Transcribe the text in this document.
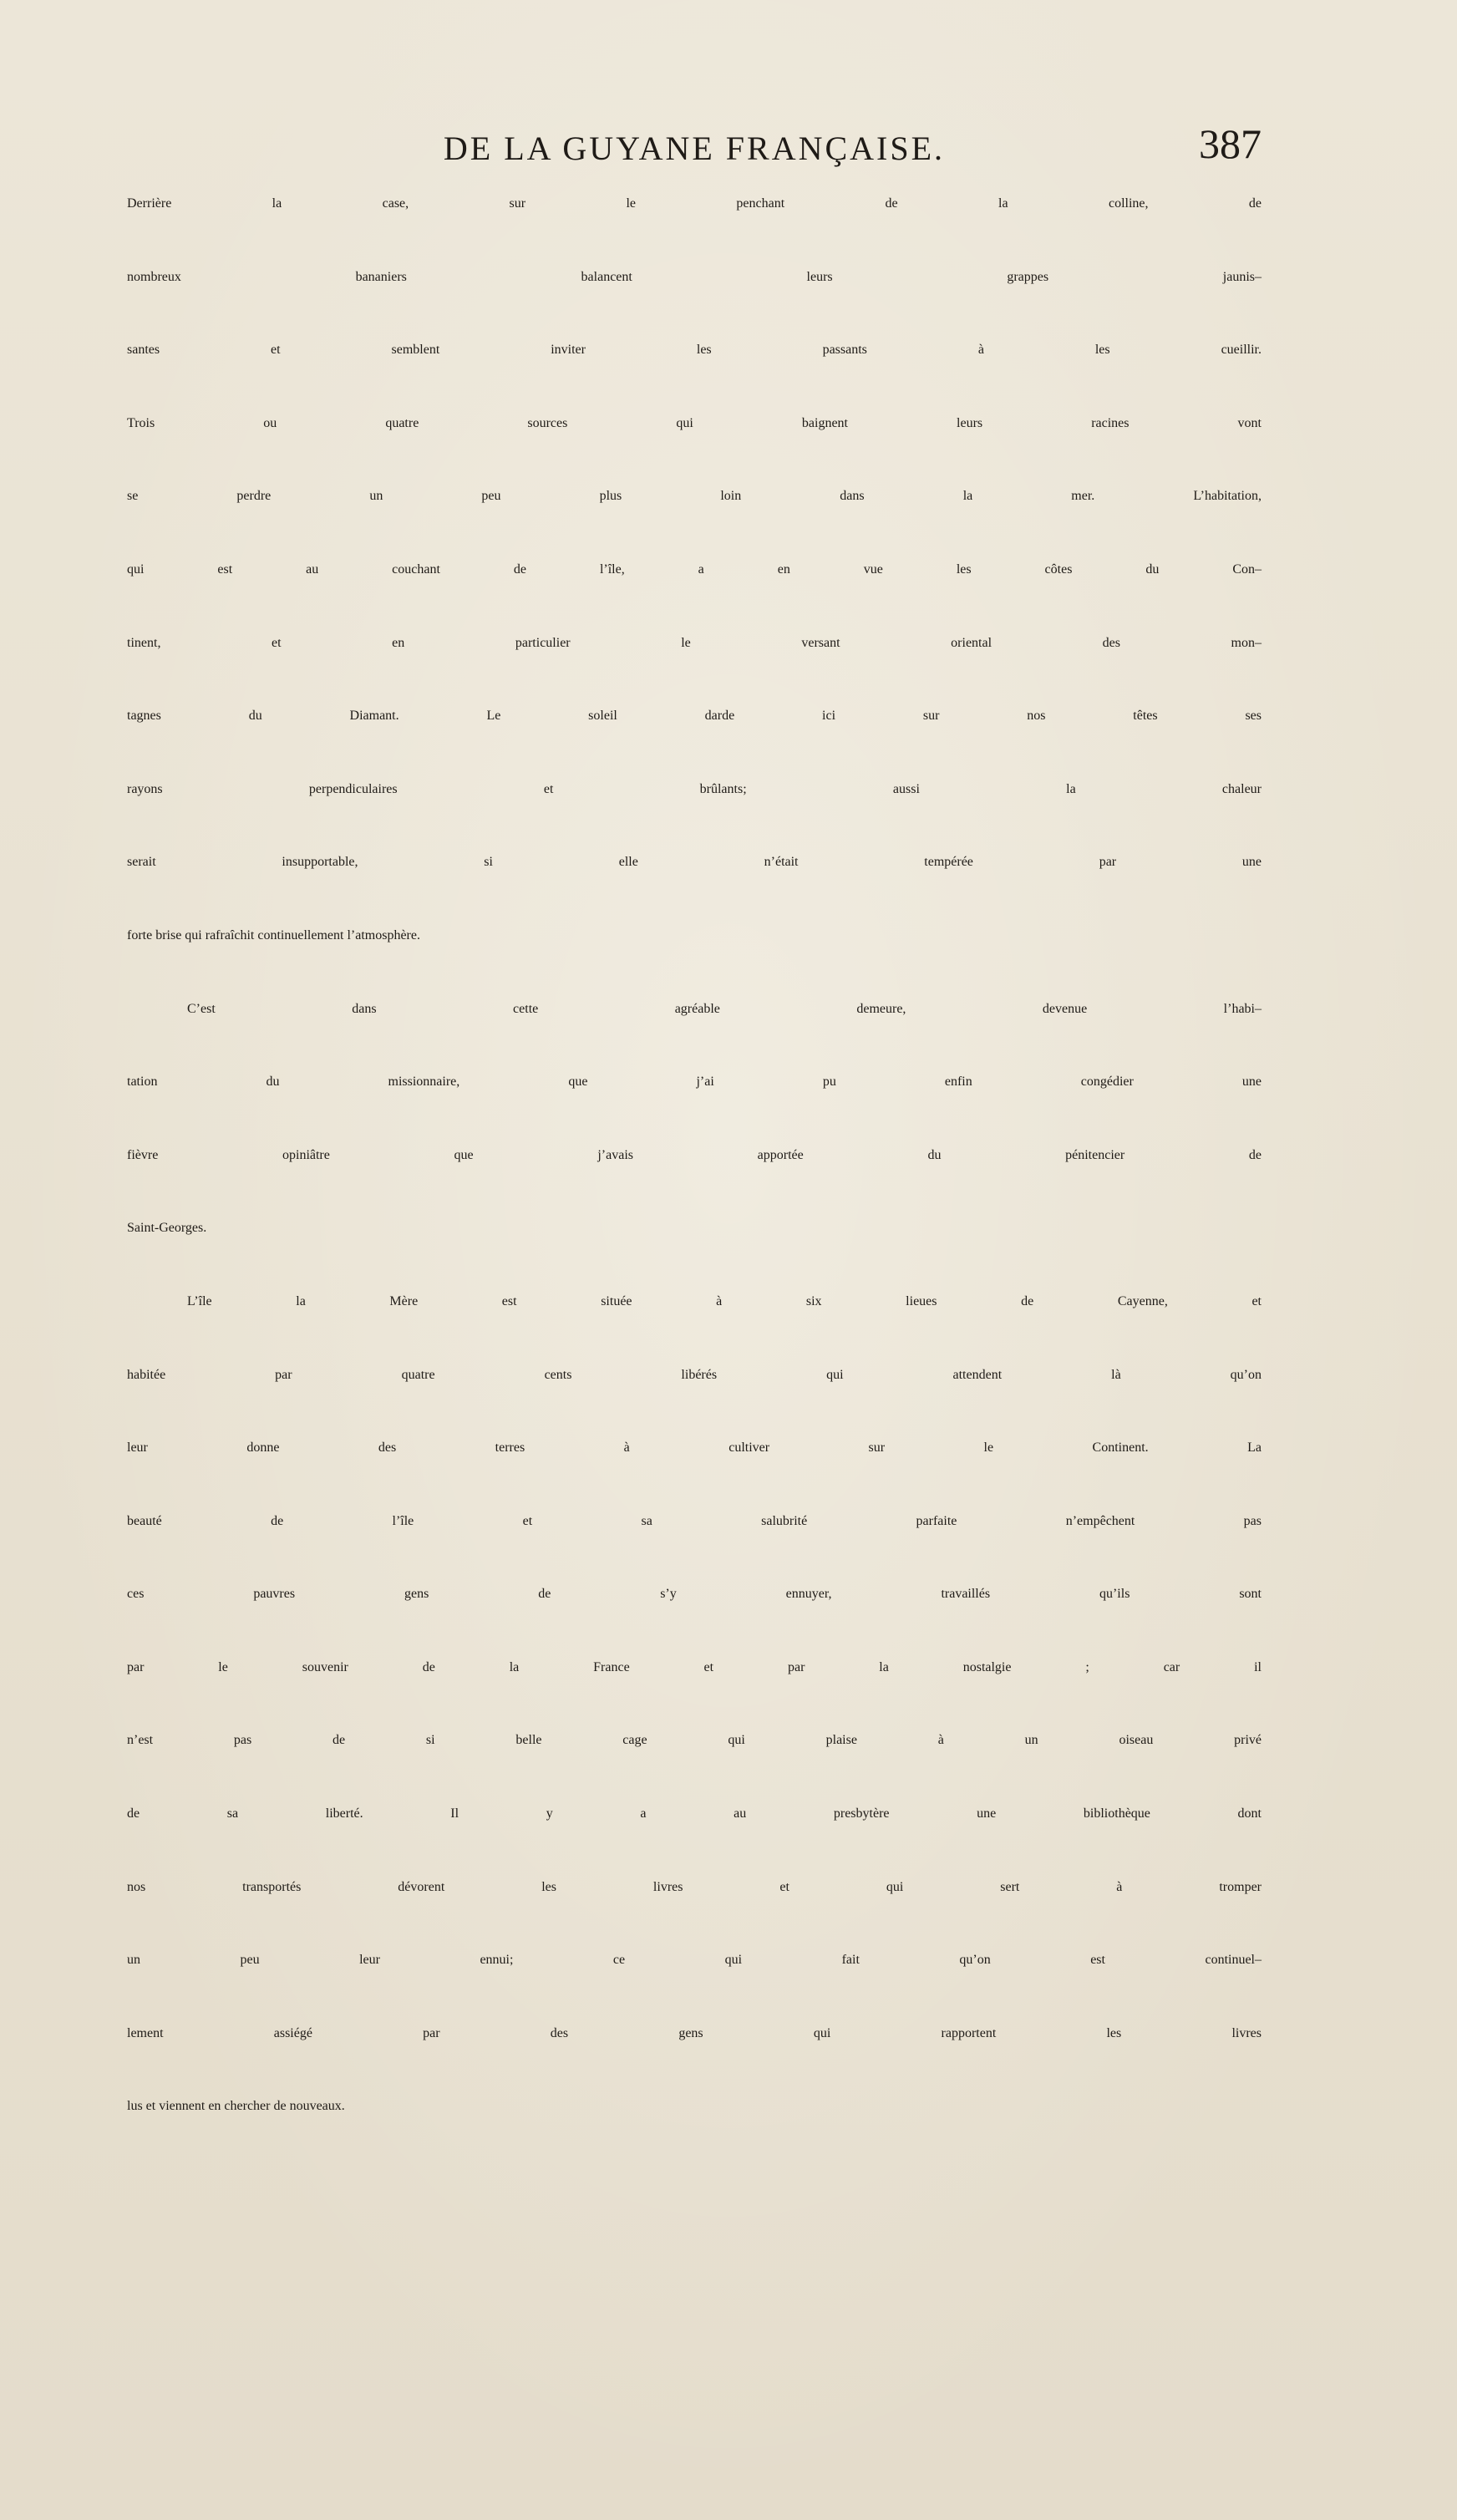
DE LA GUYANE FRANÇAISE.	387
Derrière la case, sur le penchant de la colline, de
nombreux bananiers balancent leurs grappes jaunis–
santes et semblent inviter les passants à les cueillir.
Trois ou quatre sources qui baignent leurs racines vont
se perdre un peu plus loin dans la mer. L’habitation,
qui est au couchant de l’île, a en vue les côtes du Con–
tinent, et en particulier le versant oriental des mon–
tagnes du Diamant. Le soleil darde ici sur nos têtes ses
rayons perpendiculaires et brûlants; aussi la chaleur
serait insupportable, si elle n’était tempérée par une
forte brise qui rafraîchit continuellement l’atmosphère.
C’est dans cette agréable demeure, devenue l’habi–
tation du missionnaire, que j’ai pu enfin congédier une
fièvre opiniâtre que j’avais apportée du pénitencier de
Saint-Georges.
L’île la Mère est située à six lieues de Cayenne, et
habitée par quatre cents libérés qui attendent là qu’on
leur donne des terres à cultiver sur le Continent. La
beauté de l’île et sa salubrité parfaite n’empêchent pas
ces pauvres gens de s’y ennuyer, travaillés qu’ils sont
par le souvenir de la France et par la nostalgie ; car il
n’est pas de si belle cage qui plaise à un oiseau privé
de sa liberté. Il y a au presbytère une bibliothèque dont
nos transportés dévorent les livres et qui sert à tromper
un peu leur ennui; ce qui fait qu’on est continuel–
lement assiégé par des gens qui rapportent les livres
lus et viennent en chercher de nouveaux.
